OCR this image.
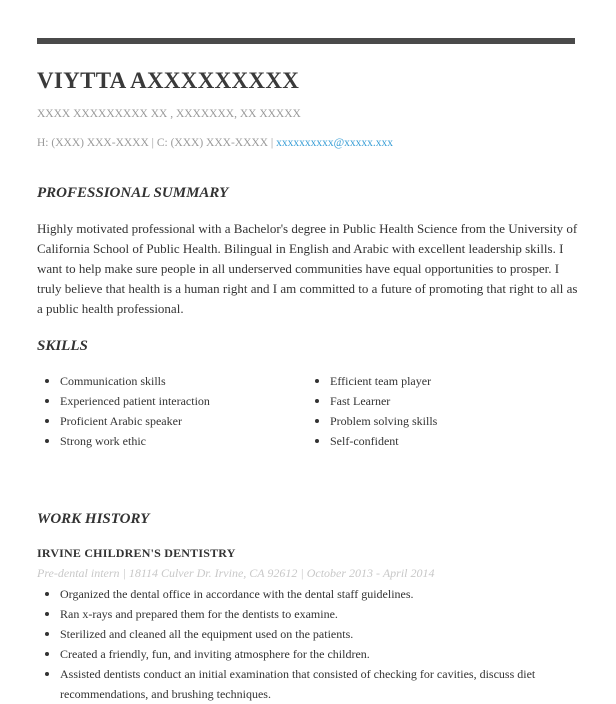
VIYTTA AXXXXXXXXX
XXXX XXXXXXXXX XX , XXXXXXX, XX XXXXX
H: (XXX) XXX-XXXX | C: (XXX) XXX-XXXX | xxxxxxxxxx@xxxxx.xxx
PROFESSIONAL SUMMARY

Highly motivated professional with a Bachelor's degree in Public Health Science from the University of California School of Public Health. Bilingual in English and Arabic with excellent leadership skills. I want to help make sure people in all underserved communities have equal opportunities to prosper. I truly believe that health is a human right and I am committed to a future of promoting that right to all as a public health professional.

SKILLS
Communication skills
Experienced patient interaction
Proficient Arabic speaker
Strong work ethic
Efficient team player
Fast Learner
Problem solving skills
Self-confident
WORK HISTORY
IRVINE CHILDREN'S DENTISTRY
Pre-dental intern | 18114 Culver Dr. Irvine, CA 92612 | October 2013 - April 2014
Organized the dental office in accordance with the dental staff guidelines.
Ran x-rays and prepared them for the dentists to examine.
Sterilized and cleaned all the equipment used on the patients.
Created a friendly, fun, and inviting atmosphere for the children.
Assisted dentists conduct an initial examination that consisted of checking for cavities, discuss diet recommendations, and brushing techniques.
